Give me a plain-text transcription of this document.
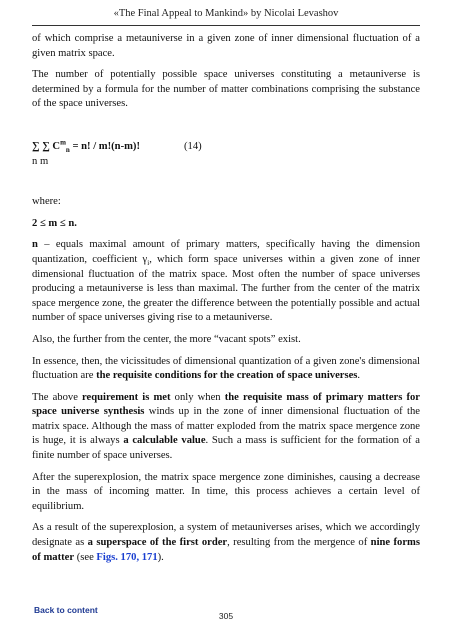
«The Final Appeal to Mankind» by Nicolai Levashov

of which comprise a metauniverse in a given zone of inner dimensional fluctuation of a given matrix space.

The number of potentially possible space universes constituting a metauniverse is determined by a formula for the number of matter combinations comprising the substance of the space universes.

∑ ∑ $C^m_n = n$! / m!(n-m)!	(14)
n m

where:

2 ≤ m ≤ n.

n – equals maximal amount of primary matters, specifically having the dimension quantization, coefficient $\gamma_i$, which form space universes within a given zone of inner dimensional fluctuation of the matrix space. Most often the number of space universes producing a metauniverse is less than maximal. The further from the center of the matrix space mergence zone, the greater the difference between the potentially possible and actual number of space universes giving rise to a metauniverse.

Also, the further from the center, the more “vacant spots” exist.

In essence, then, the vicissitudes of dimensional quantization of a given zone's dimensional fluctuation are the requisite conditions for the creation of space universes.

The above requirement is met only when the requisite mass of primary matters for space universe synthesis winds up in the zone of inner dimensional fluctuation of the matrix space. Although the mass of matter exploded from the matrix space mergence zone is huge, it is always a calculable value. Such a mass is sufficient for the formation of a finite number of space universes.

After the superexplosion, the matrix space mergence zone diminishes, causing a decrease in the mass of incoming matter. In time, this process achieves a certain level of equilibrium.

As a result of the superexplosion, a system of metauniverses arises, which we accordingly designate as a superspace of the first order, resulting from the mergence of nine forms of matter (see Figs. 170, 171).

Back to content
305
